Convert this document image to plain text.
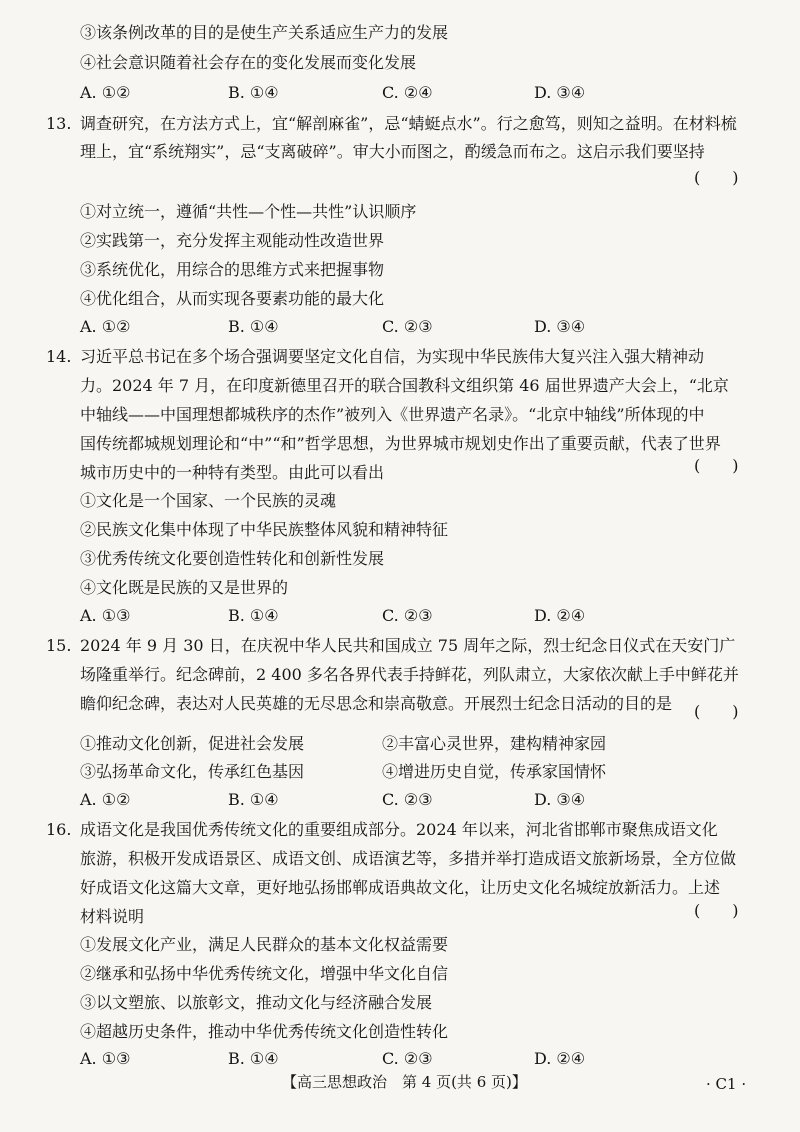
③该条例改革的目的是使生产关系适应生产力的发展
④社会意识随着社会存在的变化发展而变化发展
A. ①②	B. ①④	C. ②④	D. ③④
13. 调查研究，在方法方式上，宜“解剖麻雀”，忌“蜻蜓点水”。行之愈笃，则知之益明。在材料梳
理上，宜“系统翔实”，忌“支离破碎”。审大小而图之，酌缓急而布之。这启示我们要坚持
(　　)
①对立统一，遵循“共性—个性—共性”认识顺序
②实践第一，充分发挥主观能动性改造世界
③系统优化，用综合的思维方式来把握事物
④优化组合，从而实现各要素功能的最大化
A. ①②	B. ①④	C. ②③	D. ③④
14. 习近平总书记在多个场合强调要坚定文化自信，为实现中华民族伟大复兴注入强大精神动
力。2024 年 7 月，在印度新德里召开的联合国教科文组织第 46 届世界遗产大会上，“北京
中轴线——中国理想都城秩序的杰作”被列入《世界遗产名录》。“北京中轴线”所体现的中
国传统都城规划理论和“中”“和”哲学思想，为世界城市规划史作出了重要贡献，代表了世界
城市历史中的一种特有类型。由此可以看出	(　　)
①文化是一个国家、一个民族的灵魂
②民族文化集中体现了中华民族整体风貌和精神特征
③优秀传统文化要创造性转化和创新性发展
④文化既是民族的又是世界的
A. ①③	B. ①④	C. ②③	D. ②④
15. 2024 年 9 月 30 日，在庆祝中华人民共和国成立 75 周年之际，烈士纪念日仪式在天安门广
场隆重举行。纪念碑前，2 400 多名各界代表手持鲜花，列队肃立，大家依次献上手中鲜花并
瞻仰纪念碑，表达对人民英雄的无尽思念和崇高敬意。开展烈士纪念日活动的目的是 (　　)
①推动文化创新，促进社会发展	②丰富心灵世界，建构精神家园
③弘扬革命文化，传承红色基因	④增进历史自觉，传承家国情怀
A. ①②	B. ①④	C. ②③	D. ③④
16. 成语文化是我国优秀传统文化的重要组成部分。2024 年以来，河北省邯郸市聚焦成语文化
旅游，积极开发成语景区、成语文创、成语演艺等，多措并举打造成语文旅新场景，全方位做
好成语文化这篇大文章，更好地弘扬邯郸成语典故文化，让历史文化名城绽放新活力。上述
材料说明	(　　)
①发展文化产业，满足人民群众的基本文化权益需要
②继承和弘扬中华优秀传统文化，增强中华文化自信
③以文塑旅、以旅彰文，推动文化与经济融合发展
④超越历史条件，推动中华优秀传统文化创造性转化
A. ①③	B. ①④	C. ②③	D. ②④
【高三思想政治　第 4 页(共 6 页)】	· C1 ·
